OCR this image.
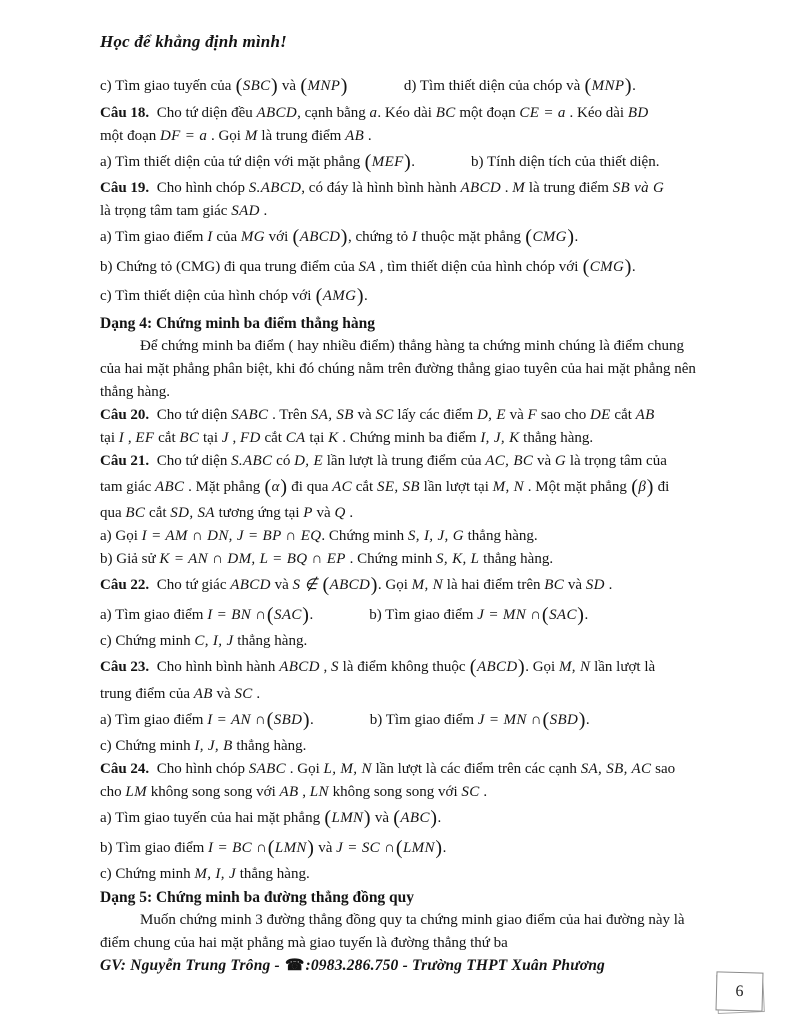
Học để khẳng định mình!
c) Tìm giao tuyến của (SBC) và (MNP)	d) Tìm thiết diện của chóp và (MNP).
Câu 18.  Cho tứ diện đều ABCD, cạnh bằng a. Kéo dài BC một đoạn CE = a . Kéo dài BD
một đoạn DF = a . Gọi M là trung điểm AB .
a) Tìm thiết diện của tứ diện với mặt phẳng (MEF).	b) Tính diện tích của thiết diện.
Câu 19.  Cho hình chóp S.ABCD, có đáy là hình bình hành ABCD . M là trung điểm SB và G
là trọng tâm tam giác SAD .
a) Tìm giao điểm I của MG với (ABCD), chứng tỏ I thuộc mặt phẳng (CMG).
b) Chứng tỏ (CMG) đi qua trung điểm của SA , tìm thiết diện của hình chóp với (CMG).
c) Tìm thiết diện của hình chóp với (AMG).
Dạng 4: Chứng minh ba điểm thẳng hàng
Để chứng minh ba điểm ( hay nhiều điểm) thẳng hàng ta chứng minh chúng là điểm chung
của hai mặt phẳng phân biệt, khi đó chúng nằm trên đường thẳng giao tuyên của hai mặt phẳng nên
thẳng hàng.
Câu 20.  Cho tứ diện SABC . Trên SA, SB và SC lấy các điểm D, E và F sao cho DE cắt AB
tại I , EF cắt BC tại J , FD cắt CA tại K . Chứng minh ba điểm I, J, K thẳng hàng.
Câu 21.  Cho tứ diện S.ABC có D, E lần lượt là trung điểm của AC, BC và G là trọng tâm của
tam giác ABC . Mặt phẳng (α) đi qua AC cắt SE, SB lần lượt tại M, N . Một mặt phẳng (β) đi
qua BC cắt SD, SA tương ứng tại P và Q .
a) Gọi I = AM ∩ DN, J = BP ∩ EQ. Chứng minh S, I, J, G thẳng hàng.
b) Giả sử K = AN ∩ DM, L = BQ ∩ EP . Chứng minh S, K, L thẳng hàng.
Câu 22.  Cho tứ giác ABCD và S ∉ (ABCD). Gọi M, N là hai điểm trên BC và SD .
a) Tìm giao điểm I = BN ∩(SAC).	b) Tìm giao điểm J = MN ∩(SAC).
c) Chứng minh C, I, J thẳng hàng.
Câu 23.  Cho hình bình hành ABCD , S là điểm không thuộc (ABCD). Gọi M, N lần lượt là
trung điểm của AB và SC .
a) Tìm giao điểm I = AN ∩(SBD).	b) Tìm giao điểm J = MN ∩(SBD).
c) Chứng minh I, J, B thẳng hàng.
Câu 24.  Cho hình chóp SABC . Gọi L, M, N lần lượt là các điểm trên các cạnh SA, SB, AC sao
cho LM không song song với AB , LN không song song với SC .
a) Tìm giao tuyến của hai mặt phẳng (LMN) và (ABC).
b) Tìm giao điểm I = BC ∩(LMN) và J = SC ∩(LMN).
c) Chứng minh M, I, J thẳng hàng.
Dạng 5: Chứng minh ba đường thẳng đồng quy
Muốn chứng minh 3 đường thẳng đồng quy ta chứng minh giao điểm của hai đường này là
điểm chung của hai mặt phẳng mà giao tuyến là đường thẳng thứ ba
GV: Nguyễn Trung Trông - ☎:0983.286.750 - Trường THPT Xuân Phương
6
